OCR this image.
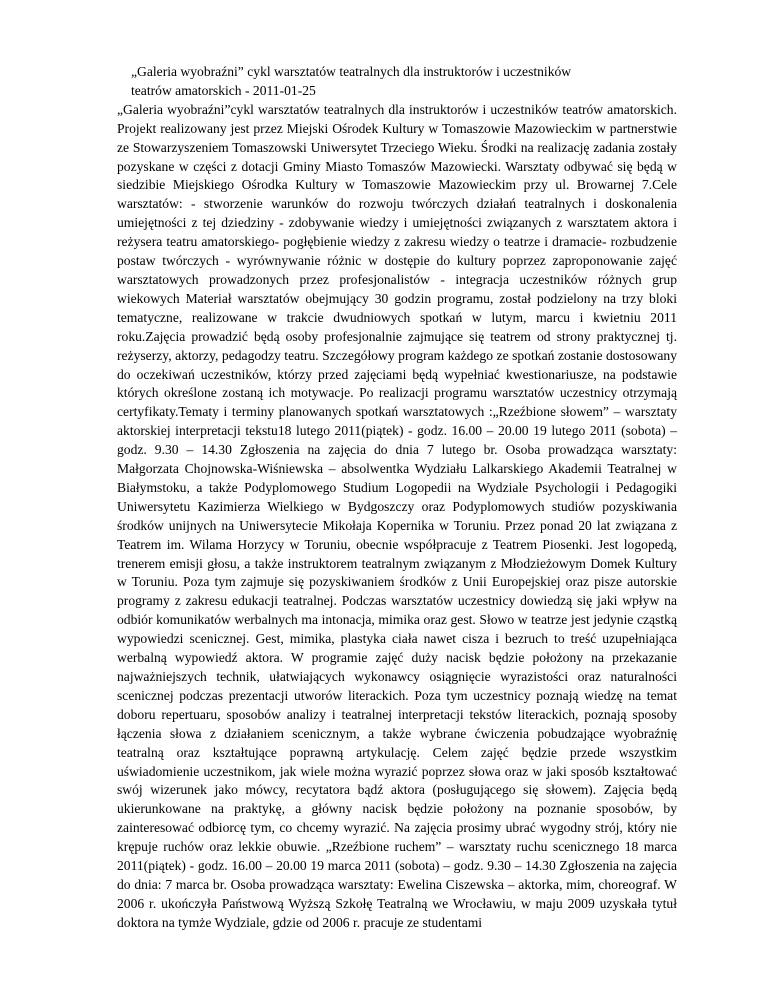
„Galeria wyobraźni” cykl warsztatów teatralnych dla instruktorów i uczestników
teatrów amatorskich - 2011-01-25

„Galeria wyobraźni”cykl warsztatów teatralnych dla instruktorów i uczestników teatrów amatorskich. Projekt realizowany jest przez Miejski Ośrodek Kultury w Tomaszowie Mazowieckim w partnerstwie ze Stowarzyszeniem Tomaszowski Uniwersytet Trzeciego Wieku. Środki na realizację zadania zostały pozyskane w części z dotacji Gminy Miasto Tomaszów Mazowiecki. Warsztaty odbywać się będą w siedzibie Miejskiego Ośrodka Kultury w Tomaszowie Mazowieckim przy ul. Browarnej 7.Cele warsztatów: - stworzenie warunków do rozwoju twórczych działań teatralnych i doskonalenia umiejętności z tej dziedziny - zdobywanie wiedzy i umiejętności związanych z warsztatem aktora i reżysera teatru amatorskiego- pogłębienie wiedzy z zakresu wiedzy o teatrze i dramacie- rozbudzenie postaw twórczych - wyrównywanie różnic w dostępie do kultury poprzez zaproponowanie zajęć warsztatowych prowadzonych przez profesjonalistów - integracja uczestników różnych grup wiekowych Materiał warsztatów obejmujący 30 godzin programu, został podzielony na trzy bloki tematyczne, realizowane w trakcie dwudniowych spotkań w lutym, marcu i kwietniu 2011 roku.Zajęcia prowadzić będą osoby profesjonalnie zajmujące się teatrem od strony praktycznej tj. reżyserzy, aktorzy, pedagodzy teatru. Szczegółowy program każdego ze spotkań zostanie dostosowany do oczekiwań uczestników, którzy przed zajęciami będą wypełniać kwestionariusze, na podstawie których określone zostaną ich motywacje. Po realizacji programu warsztatów uczestnicy otrzymają certyfikaty.Tematy i terminy planowanych spotkań warsztatowych :„Rzeźbione słowem” – warsztaty aktorskiej interpretacji tekstu18 lutego 2011(piątek) - godz. 16.00 – 20.00 19 lutego 2011 (sobota) – godz. 9.30 – 14.30 Zgłoszenia na zajęcia do dnia 7 lutego br. Osoba prowadząca warsztaty: Małgorzata Chojnowska-Wiśniewska – absolwentka Wydziału Lalkarskiego Akademii Teatralnej w Białymstoku, a także Podyplomowego Studium Logopedii na Wydziale Psychologii i Pedagogiki Uniwersytetu Kazimierza Wielkiego w Bydgoszczy oraz Podyplomowych studiów pozyskiwania środków unijnych na Uniwersytecie Mikołaja Kopernika w Toruniu. Przez ponad 20 lat związana z Teatrem im. Wilama Horzycy w Toruniu, obecnie współpracuje z Teatrem Piosenki. Jest logopedą, trenerem emisji głosu, a także instruktorem teatralnym związanym z Młodzieżowym Domek Kultury w Toruniu. Poza tym zajmuje się pozyskiwaniem środków z Unii Europejskiej oraz pisze autorskie programy z zakresu edukacji teatralnej. Podczas warsztatów uczestnicy dowiedzą się jaki wpływ na odbiór komunikatów werbalnych ma intonacja, mimika oraz gest. Słowo w teatrze jest jedynie cząstką wypowiedzi scenicznej. Gest, mimika, plastyka ciała nawet cisza i bezruch to treść uzupełniająca werbalną wypowiedź aktora. W programie zajęć duży nacisk będzie położony na przekazanie najważniejszych technik, ułatwiających wykonawcy osiągnięcie wyrazistości oraz naturalności scenicznej podczas prezentacji utworów literackich. Poza tym uczestnicy poznają wiedzę na temat doboru repertuaru, sposobów analizy i teatralnej interpretacji tekstów literackich, poznają sposoby łączenia słowa z działaniem scenicznym, a także wybrane ćwiczenia pobudzające wyobraźnię teatralną oraz kształtujące poprawną artykulację. Celem zajęć będzie przede wszystkim uświadomienie uczestnikom, jak wiele można wyrazić poprzez słowa oraz w jaki sposób kształtować swój wizerunek jako mówcy, recytatora bądź aktora (posługującego się słowem). Zajęcia będą ukierunkowane na praktykę, a główny nacisk będzie położony na poznanie sposobów, by zainteresować odbiorcę tym, co chcemy wyrazić. Na zajęcia prosimy ubrać wygodny strój, który nie krępuje ruchów oraz lekkie obuwie. „Rzeźbione ruchem” – warsztaty ruchu scenicznego 18 marca 2011(piątek) - godz. 16.00 – 20.00 19 marca 2011 (sobota) – godz. 9.30 – 14.30 Zgłoszenia na zajęcia do dnia: 7 marca br. Osoba prowadząca warsztaty: Ewelina Ciszewska – aktorka, mim, choreograf. W 2006 r. ukończyła Państwową Wyższą Szkołę Teatralną we Wrocławiu, w maju 2009 uzyskała tytuł doktora na tymże Wydziale, gdzie od 2006 r. pracuje ze studentami
